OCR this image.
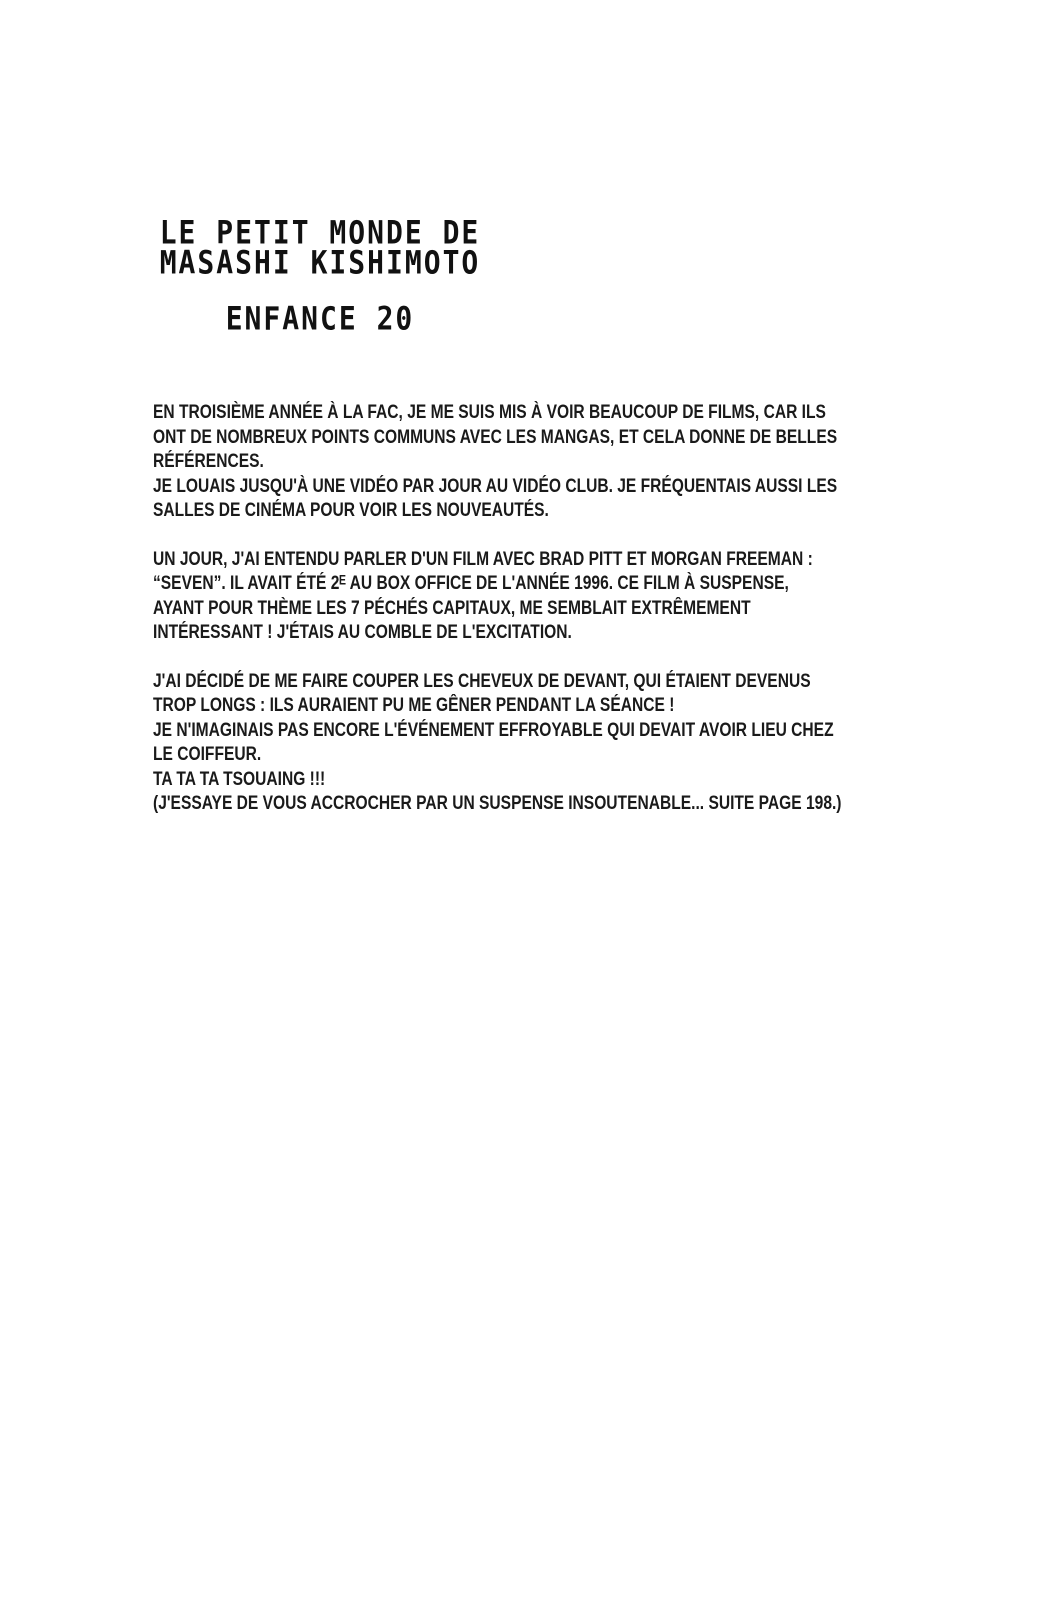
LE PETIT MONDE DE
MASASHI KISHIMOTO
ENFANCE 20
EN TROISIÈME ANNÉE À LA FAC, JE ME SUIS MIS À VOIR BEAUCOUP DE FILMS, CAR ILS
ONT DE NOMBREUX POINTS COMMUNS AVEC LES MANGAS, ET CELA DONNE DE BELLES
RÉFÉRENCES.
JE LOUAIS JUSQU'À UNE VIDÉO PAR JOUR AU VIDÉO CLUB. JE FRÉQUENTAIS AUSSI LES
SALLES DE CINÉMA POUR VOIR LES NOUVEAUTÉS.
UN JOUR, J'AI ENTENDU PARLER D'UN FILM AVEC BRAD PITT ET MORGAN FREEMAN :
“SEVEN”. IL AVAIT ÉTÉ 2ᴱ AU BOX OFFICE DE L'ANNÉE 1996. CE FILM À SUSPENSE,
AYANT POUR THÈME LES 7 PÉCHÉS CAPITAUX, ME SEMBLAIT EXTRÊMEMENT
INTÉRESSANT ! J'ÉTAIS AU COMBLE DE L'EXCITATION.
J'AI DÉCIDÉ DE ME FAIRE COUPER LES CHEVEUX DE DEVANT, QUI ÉTAIENT DEVENUS
TROP LONGS : ILS AURAIENT PU ME GÊNER PENDANT LA SÉANCE !
JE N'IMAGINAIS PAS ENCORE L'ÉVÉNEMENT EFFROYABLE QUI DEVAIT AVOIR LIEU CHEZ
LE COIFFEUR.
TA TA TA TSOUAING !!!
(J'ESSAYE DE VOUS ACCROCHER PAR UN SUSPENSE INSOUTENABLE... SUITE PAGE 198.)
